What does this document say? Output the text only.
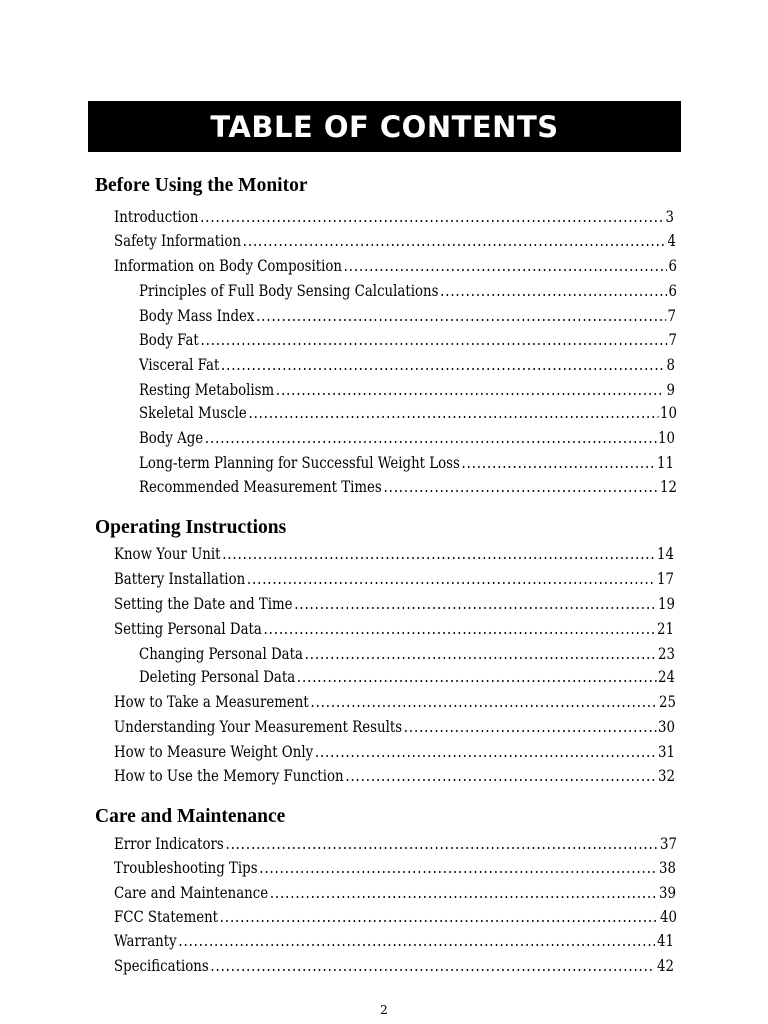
TABLE OF CONTENTS
Before Using the Monitor
Introduction .....	3
Safety Information .....	4
Information on Body Composition .....	6
Principles of Full Body Sensing Calculations .....	6
Body Mass Index .....	7
Body Fat .....	7
Visceral Fat .....	8
Resting Metabolism .....	9
Skeletal Muscle .....	10
Body Age .....	10
Long-term Planning for Successful Weight Loss .....	11
Recommended Measurement Times .....	12
Operating Instructions
Know Your Unit .....	14
Battery Installation .....	17
Setting the Date and Time .....	19
Setting Personal Data .....	21
Changing Personal Data .....	23
Deleting Personal Data .....	24
How to Take a Measurement .....	25
Understanding Your Measurement Results .....	30
How to Measure Weight Only .....	31
How to Use the Memory Function .....	32
Care and Maintenance
Error Indicators .....	37
Troubleshooting Tips .....	38
Care and Maintenance .....	39
FCC Statement .....	40
Warranty .....	41
Specifications .....	42
2
